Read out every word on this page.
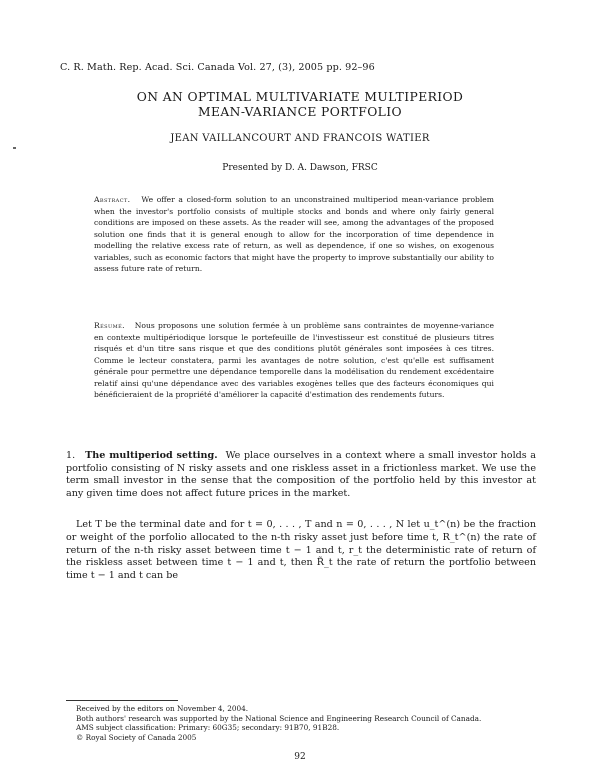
C. R. Math. Rep. Acad. Sci. Canada Vol. 27, (3), 2005 pp. 92–96
ON AN OPTIMAL MULTIVARIATE MULTIPERIOD
MEAN-VARIANCE PORTFOLIO
JEAN VAILLANCOURT AND FRANCOIS WATIER
Presented by D. A. Dawson, FRSC
Abstract. We offer a closed-form solution to an unconstrained multiperiod mean-variance problem when the investor's portfolio consists of multiple stocks and bonds and where only fairly general conditions are imposed on these assets. As the reader will see, among the advantages of the proposed solution one finds that it is general enough to allow for the incorporation of time dependence in modelling the relative excess rate of return, as well as dependence, if one so wishes, on exogenous variables, such as economic factors that might have the property to improve substantially our ability to assess future rate of return.
Résumé. Nous proposons une solution fermée à un problème sans contraintes de moyenne-variance en contexte multipériodique lorsque le portefeuille de l'investisseur est constitué de plusieurs titres risqués et d'un titre sans risque et que des conditions plutôt générales sont imposées à ces titres. Comme le lecteur constatera, parmi les avantages de notre solution, c'est qu'elle est suffisament générale pour permettre une dépendance temporelle dans la modélisation du rendement excédentaire relatif ainsi qu'une dépendance avec des variables exogènes telles que des facteurs économiques qui bénéficieraient de la propriété d'améliorer la capacité d'estimation des rendements futurs.
1. The multiperiod setting. We place ourselves in a context where a small investor holds a portfolio consisting of N risky assets and one riskless asset in a frictionless market. We use the term small investor in the sense that the composition of the portfolio held by this investor at any given time does not affect future prices in the market.

Let T be the terminal date and for t = 0, . . . , T and n = 0, . . . , N let u_t^(n) be the fraction or weight of the porfolio allocated to the n-th risky asset just before time t, R_t^(n) the rate of return of the n-th risky asset between time t − 1 and t, r_t the deterministic rate of return of the riskless asset between time t − 1 and t, then R̃_t the rate of return the portfolio between time t − 1 and t can be

Received by the editors on November 4, 2004.

Both authors' research was supported by the National Science and Engineering Research Council of Canada.

AMS subject classification: Primary: 60G35; secondary: 91B70, 91B28.

© Royal Society of Canada 2005

92
